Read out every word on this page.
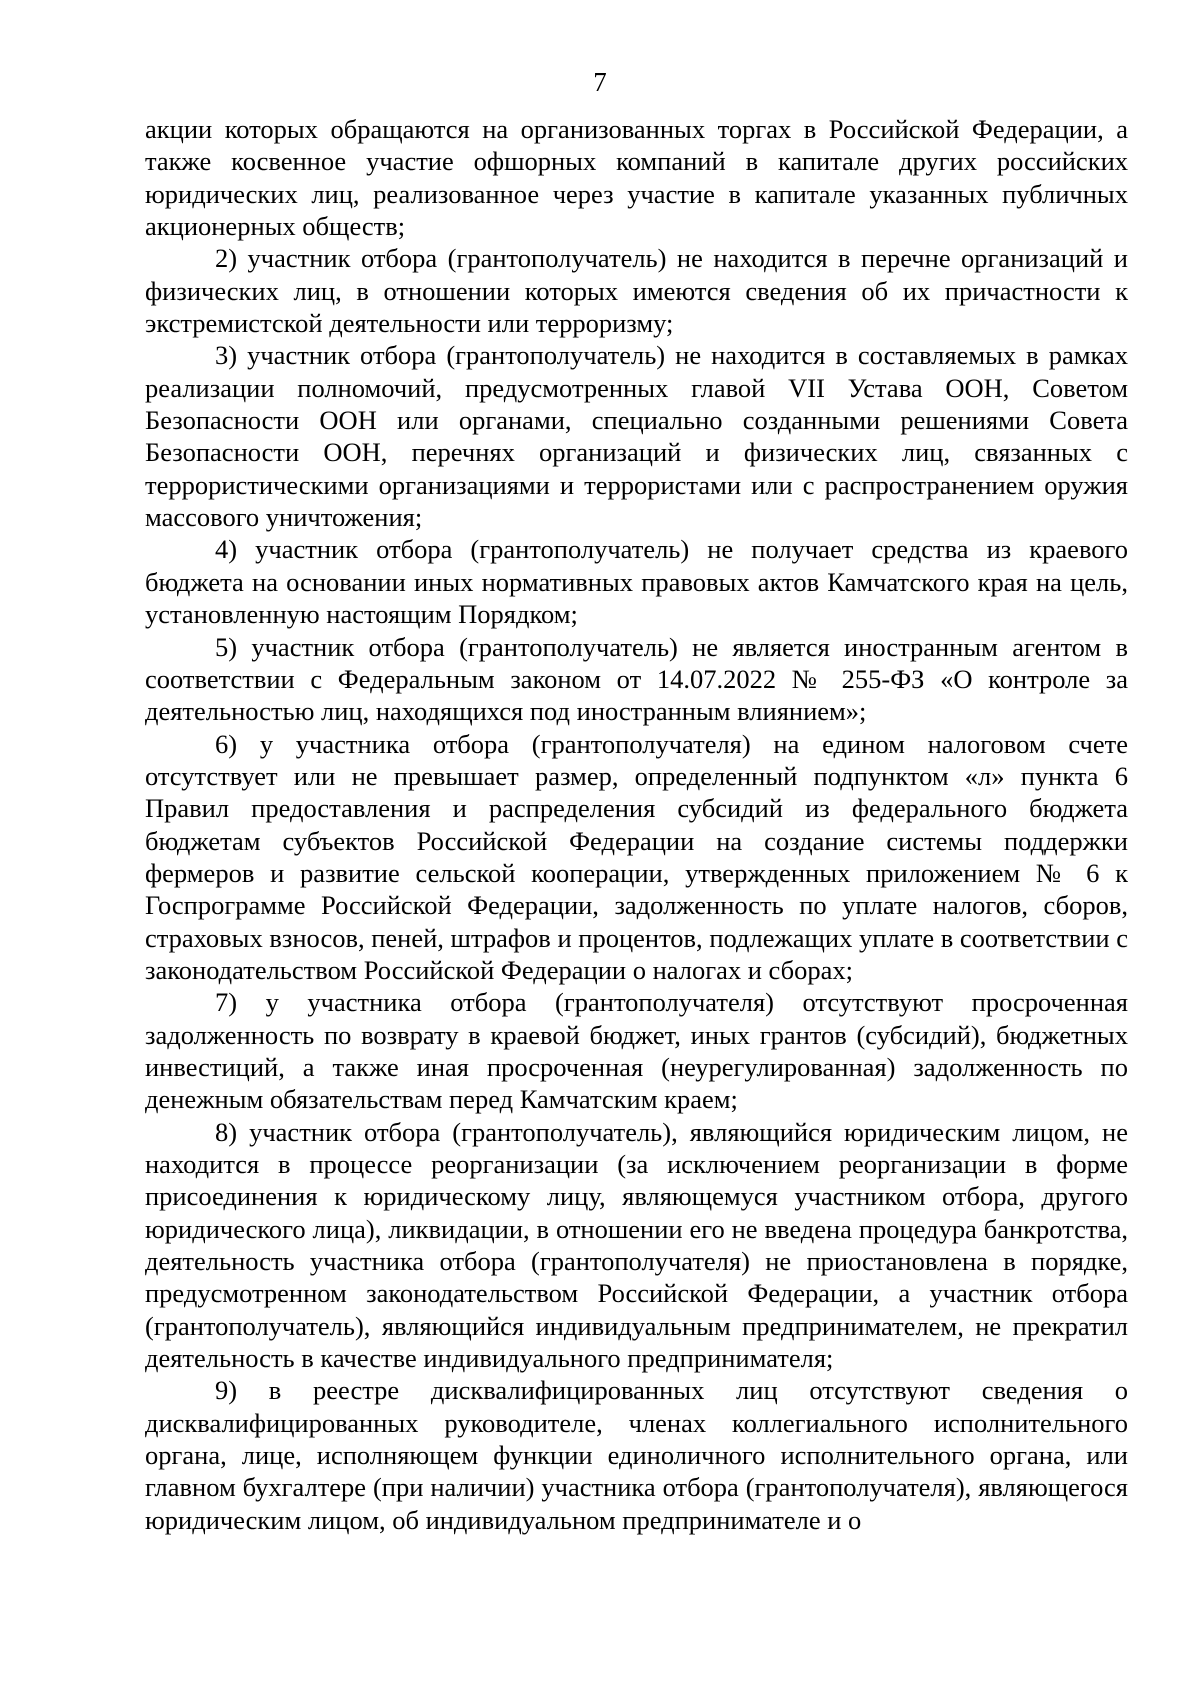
7

акции которых обращаются на организованных торгах в Российской Федерации, а также косвенное участие офшорных компаний в капитале других российских юридических лиц, реализованное через участие в капитале указанных публичных акционерных обществ;

2) участник отбора (грантополучатель) не находится в перечне организаций и физических лиц, в отношении которых имеются сведения об их причастности к экстремистской деятельности или терроризму;

3) участник отбора (грантополучатель) не находится в составляемых в рамках реализации полномочий, предусмотренных главой VII Устава ООН, Советом Безопасности ООН или органами, специально созданными решениями Совета Безопасности ООН, перечнях организаций и физических лиц, связанных с террористическими организациями и террористами или с распространением оружия массового уничтожения;

4) участник отбора (грантополучатель) не получает средства из краевого бюджета на основании иных нормативных правовых актов Камчатского края на цель, установленную настоящим Порядком;

5) участник отбора (грантополучатель) не является иностранным агентом в соответствии с Федеральным законом от 14.07.2022 № 255-ФЗ «О контроле за деятельностью лиц, находящихся под иностранным влиянием»;

6) у участника отбора (грантополучателя) на едином налоговом счете отсутствует или не превышает размер, определенный подпунктом «л» пункта 6 Правил предоставления и распределения субсидий из федерального бюджета бюджетам субъектов Российской Федерации на создание системы поддержки фермеров и развитие сельской кооперации, утвержденных приложением № 6 к Госпрограмме Российской Федерации, задолженность по уплате налогов, сборов, страховых взносов, пеней, штрафов и процентов, подлежащих уплате в соответствии с законодательством Российской Федерации о налогах и сборах;

7) у участника отбора (грантополучателя) отсутствуют просроченная задолженность по возврату в краевой бюджет, иных грантов (субсидий), бюджетных инвестиций, а также иная просроченная (неурегулированная) задолженность по денежным обязательствам перед Камчатским краем;

8) участник отбора (грантополучатель), являющийся юридическим лицом, не находится в процессе реорганизации (за исключением реорганизации в форме присоединения к юридическому лицу, являющемуся участником отбора, другого юридического лица), ликвидации, в отношении его не введена процедура банкротства, деятельность участника отбора (грантополучателя) не приостановлена в порядке, предусмотренном законодательством Российской Федерации, а участник отбора (грантополучатель), являющийся индивидуальным предпринимателем, не прекратил деятельность в качестве индивидуального предпринимателя;

9) в реестре дисквалифицированных лиц отсутствуют сведения о дисквалифицированных руководителе, членах коллегиального исполнительного органа, лице, исполняющем функции единоличного исполнительного органа, или главном бухгалтере (при наличии) участника отбора (грантополучателя), являющегося юридическим лицом, об индивидуальном предпринимателе и о
